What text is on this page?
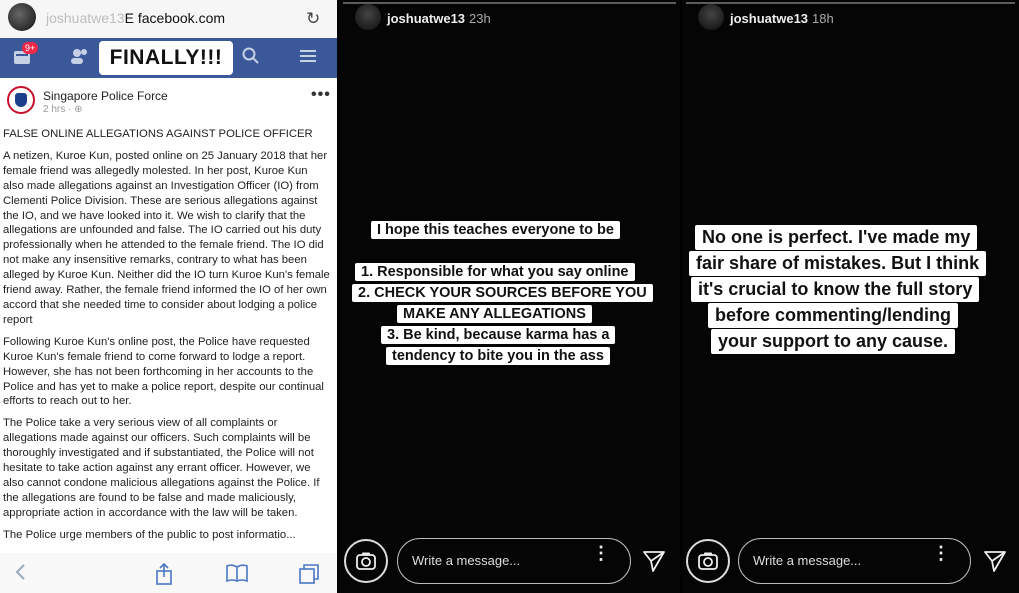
joshuatwe13E facebook.com	↻
9+	FINALLY!!!
Singapore Police Force
2 hrs · ⊕
•••

FALSE ONLINE ALLEGATIONS AGAINST POLICE OFFICER

A netizen, Kuroe Kun, posted online on 25 January 2018 that her female friend was allegedly molested. In her post, Kuroe Kun also made allegations against an Investigation Officer (IO) from Clementi Police Division. These are serious allegations against the IO, and we have looked into it. We wish to clarify that the allegations are unfounded and false. The IO carried out his duty professionally when he attended to the female friend. The IO did not make any insensitive remarks, contrary to what has been alleged by Kuroe Kun. Neither did the IO turn Kuroe Kun's female friend away. Rather, the female friend informed the IO of her own accord that she needed time to consider about lodging a police report

Following Kuroe Kun's online post, the Police have requested Kuroe Kun's female friend to come forward to lodge a report. However, she has not been forthcoming in her accounts to the Police and has yet to make a police report, despite our continual efforts to reach out to her.

The Police take a very serious view of all complaints or allegations made against our officers. Such complaints will be thoroughly investigated and if substantiated, the Police will not hesitate to take action against any errant officer. However, we also cannot condone malicious allegations against the Police. If the allegations are found to be false and made maliciously, appropriate action in accordance with the law will be taken.

The Police urge members of the public to post informatio...

joshuatwe13 23h
I hope this teaches everyone to be
1. Responsible for what you say online
2. CHECK YOUR SOURCES BEFORE YOU
MAKE ANY ALLEGATIONS
3. Be kind, because karma has a
tendency to bite you in the ass
Write a message...	⋮
joshuatwe13 18h
No one is perfect. I've made my
fair share of mistakes. But I think
it's crucial to know the full story
before commenting/lending
your support to any cause.
Write a message...	⋮
